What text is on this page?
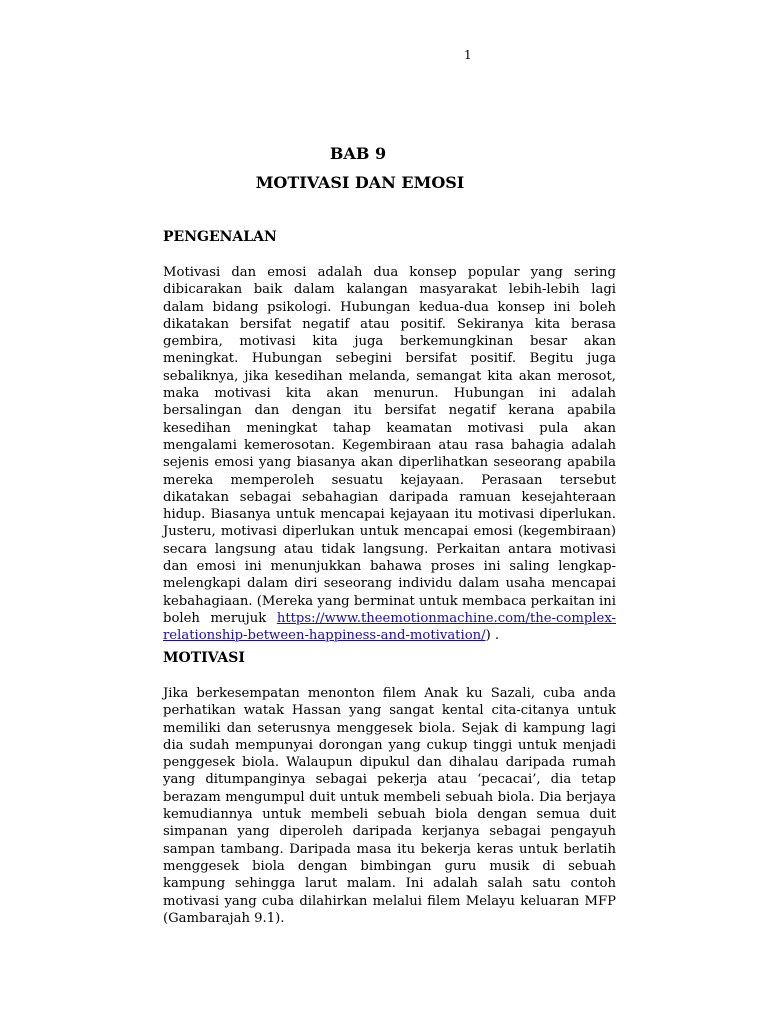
1
BAB 9
MOTIVASI DAN EMOSI
PENGENALAN
Motivasi dan emosi adalah dua konsep popular yang sering dibicarakan baik dalam kalangan masyarakat lebih-lebih lagi dalam bidang psikologi. Hubungan kedua-dua konsep ini boleh dikatakan bersifat negatif atau positif. Sekiranya kita berasa gembira, motivasi kita juga berkemungkinan besar akan meningkat. Hubungan sebegini bersifat positif. Begitu juga sebaliknya, jika kesedihan melanda, semangat kita akan merosot, maka motivasi kita akan menurun. Hubungan ini adalah bersalingan dan dengan itu bersifat negatif kerana apabila kesedihan meningkat tahap keamatan motivasi pula akan mengalami kemerosotan. Kegembiraan atau rasa bahagia adalah sejenis emosi yang biasanya akan diperlihatkan seseorang apabila mereka memperoleh sesuatu kejayaan. Perasaan tersebut dikatakan sebagai sebahagian daripada ramuan kesejahteraan hidup. Biasanya untuk mencapai kejayaan itu motivasi diperlukan. Justeru, motivasi diperlukan untuk mencapai emosi (kegembiraan) secara langsung atau tidak langsung. Perkaitan antara motivasi dan emosi ini menunjukkan bahawa proses ini saling lengkap-melengkapi dalam diri seseorang individu dalam usaha mencapai kebahagiaan. (Mereka yang berminat untuk membaca perkaitan ini boleh merujuk https://www.theemotionmachine.com/the-complex-relationship-between-happiness-and-motivation/) .
MOTIVASI
Jika berkesempatan menonton filem Anak ku Sazali, cuba anda perhatikan watak Hassan yang sangat kental cita-citanya untuk memiliki dan seterusnya menggesek biola. Sejak di kampung lagi dia sudah mempunyai dorongan yang cukup tinggi untuk menjadi penggesek biola. Walaupun dipukul dan dihalau daripada rumah yang ditumpanginya sebagai pekerja atau ‘pecacai’, dia tetap berazam mengumpul duit untuk membeli sebuah biola. Dia berjaya kemudiannya untuk membeli sebuah biola dengan semua duit simpanan yang diperoleh daripada kerjanya sebagai pengayuh sampan tambang. Daripada masa itu bekerja keras untuk berlatih menggesek biola dengan bimbingan guru musik di sebuah kampung sehingga larut malam. Ini adalah salah satu contoh motivasi yang cuba dilahirkan melalui filem Melayu keluaran MFP (Gambarajah 9.1).
